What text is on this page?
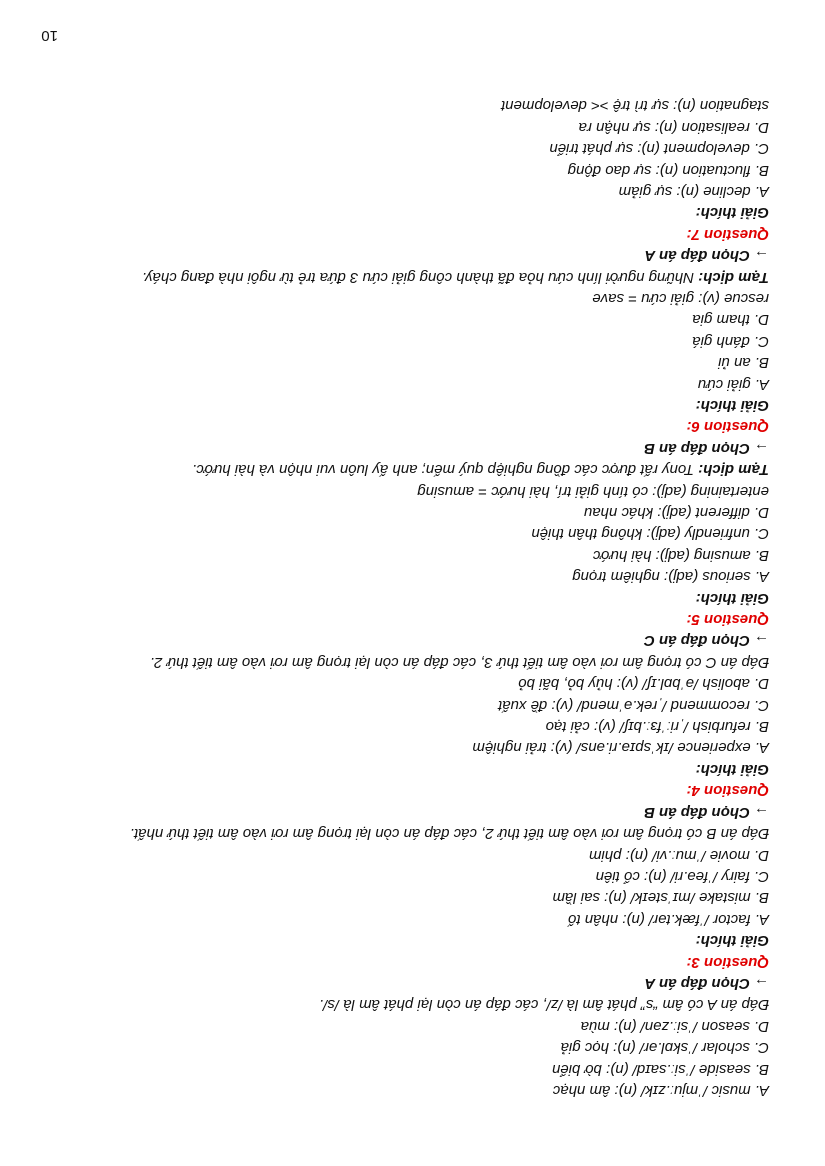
A. music /ˈmjuː.zɪk/ (n): âm nhạc
B. seaside /ˈsiː.saɪd/ (n): bờ biển
C. scholar /ˈskɒl.ər/ (n): học giả
D. season /ˈsiː.zən/ (n): mùa
Đáp án A có âm “s” phát âm là /z/, các đáp án còn lại phát âm là /s/.
→ Chọn đáp án A
Question 3:
Giải thích:
A. factor /ˈfæk.tər/ (n): nhân tố
B. mistake /mɪˈsteɪk/ (n): sai lầm
C. fairy /ˈfeə.ri/ (n): cổ tiên
D. movie /ˈmuː.vi/ (n): phim
Đáp án B có trọng âm rơi vào âm tiết thứ 2, các đáp án còn lại trọng âm rơi vào âm tiết thứ nhất.
→ Chọn đáp án B
Question 4:
Giải thích:
A. experience /ɪkˈspɪə.ri.əns/ (v): trải nghiệm
B. refurbish /ˌriːˈfɜː.bɪʃ/ (v): cải tạo
C. recommend /ˌrek.əˈmend/ (v): đề xuất
D. abolish /əˈbɒl.ɪʃ/ (v): hủy bỏ, bãi bỏ
Đáp án C có trọng âm rơi vào âm tiết thứ 3, các đáp án còn lại trọng âm rơi vào âm tiết thứ 2.
→ Chọn đáp án C
Question 5:
Giải thích:
A. serious (adj): nghiêm trọng
B. amusing (adj): hài hước
C. unfriendly (adj): không thân thiện
D. different (adj): khác nhau
entertaining (adj): có tính giải trí, hài hước = amusing
Tạm dịch: Tony rất được các đồng nghiệp quý mến; anh ấy luôn vui nhộn và hài hước.
→ Chọn đáp án B
Question 6:
Giải thích:
A. giải cứu
B. an ủi
C. đánh giá
D. tham gia
rescue (v): giải cứu = save
Tạm dịch: Những người lính cứu hỏa đã thành công giải cứu 3 đứa trẻ từ ngôi nhà đang cháy.
→ Chọn đáp án A
Question 7:
Giải thích:
A. decline (n): sự giảm
B. fluctuation (n): sự dao động
C. development (n): sự phát triển
D. realisation (n): sự nhận ra
stagnation (n): sự trì trệ >< development
10
